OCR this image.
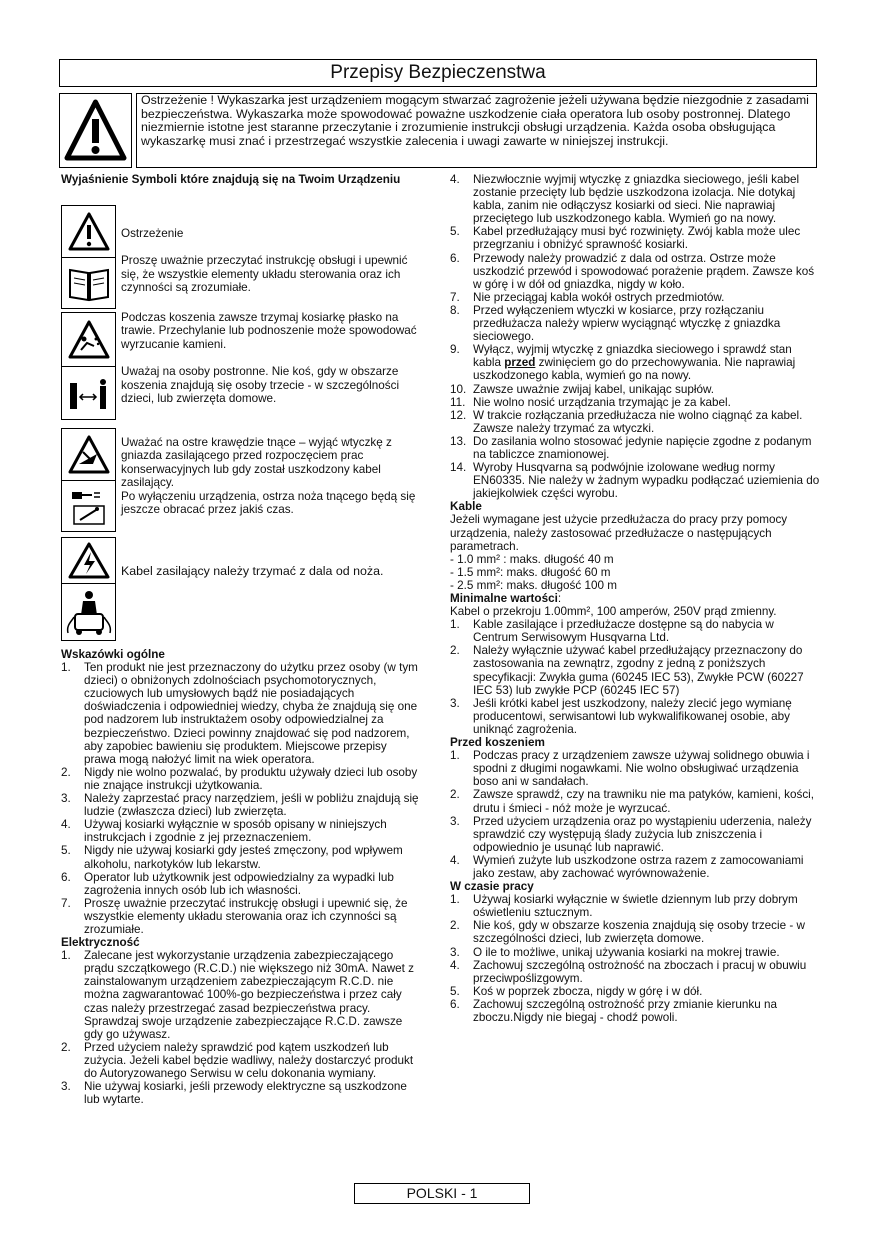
Przepisy Bezpieczenstwa
Ostrzeżenie ! Wykaszarka jest urządzeniem mogącym stwarzać zagrożenie jeżeli używana będzie niezgodnie z zasadami bezpieczeństwa. Wykaszarka może spowodować poważne uszkodzenie ciała operatora lub osoby postronnej. Dlatego niezmiernie istotne jest staranne przeczytanie i zrozumienie instrukcji obsługi urządzenia. Każda osoba obsługująca wykaszarkę musi znać i przestrzegać wszystkie zalecenia i uwagi zawarte w niniejszej instrukcji.
Wyjaśnienie Symboli które znajdują się na Twoim Urządzeniu

Ostrzeżenie

Proszę uważnie przeczytać instrukcję obsługi i upewnić się, że wszystkie elementy układu sterowania oraz ich czynności są zrozumiałe.

Podczas koszenia zawsze trzymaj kosiarkę płasko na trawie. Przechylanie lub podnoszenie może spowodować wyrzucanie kamieni.

Uważaj na osoby postronne. Nie koś, gdy w obszarze koszenia znajdują się osoby trzecie - w szczególności dzieci, lub zwierzęta domowe.

Uważać na ostre krawędzie tnące – wyjąć wtyczkę z gniazda zasilającego przed rozpoczęciem prac konserwacyjnych lub gdy został uszkodzony kabel zasilający.

Po wyłączeniu urządzenia, ostrza noża tnącego będą się jeszcze obracać przez jakiś czas.

Kabel zasilający należy trzymać z dala od noża.

Wskazówki ogólne
1. Ten produkt nie jest przeznaczony do użytku przez osoby (w tym dzieci) o obniżonych zdolnościach psychomotorycznych, czuciowych lub umysłowych bądź nie posiadających doświadczenia i odpowiedniej wiedzy, chyba że znajdują się one pod nadzorem lub instruktażem osoby odpowiedzialnej za bezpieczeństwo. Dzieci powinny znajdować się pod nadzorem, aby zapobiec bawieniu się produktem. Miejscowe przepisy prawa mogą nałożyć limit na wiek operatora.
2. Nigdy nie wolno pozwalać, by produktu używały dzieci lub osoby nie znające instrukcji użytkowania.
3. Należy zaprzestać pracy narzędziem, jeśli w pobliżu znajdują się ludzie (zwłaszcza dzieci) lub zwierzęta.
4. Używaj kosiarki wyłącznie w sposób opisany w niniejszych instrukcjach i zgodnie z jej przeznaczeniem.
5. Nigdy nie używaj kosiarki gdy jesteś zmęczony, pod wpływem alkoholu, narkotyków lub lekarstw.
6. Operator lub użytkownik jest odpowiedzialny za wypadki lub zagrożenia innych osób lub ich własności.
7. Proszę uważnie przeczytać instrukcję obsługi i upewnić się, że wszystkie elementy układu sterowania oraz ich czynności są zrozumiałe.
Elektryczność
1. Zalecane jest wykorzystanie urządzenia zabezpieczającego prądu szczątkowego (R.C.D.) nie większego niż 30mA. Nawet z zainstalowanym urządzeniem zabezpieczającym R.C.D. nie można zagwarantować 100%-go bezpieczeństwa i przez cały czas należy przestrzegać zasad bezpieczeństwa pracy. Sprawdzaj swoje urządzenie zabezpieczające R.C.D. zawsze gdy go używasz.
2. Przed użyciem należy sprawdzić pod kątem uszkodzeń lub zużycia. Jeżeli kabel będzie wadliwy, należy dostarczyć produkt do Autoryzowanego Serwisu w celu dokonania wymiany.
3. Nie używaj kosiarki, jeśli przewody elektryczne są uszkodzone lub wytarte.
4. Niezwłocznie wyjmij wtyczkę z gniazdka sieciowego, jeśli kabel zostanie przecięty lub będzie uszkodzona izolacja. Nie dotykaj kabla, zanim nie odłączysz kosiarki od sieci. Nie naprawiaj przeciętego lub uszkodzonego kabla. Wymień go na nowy.
5. Kabel przedłużający musi być rozwinięty. Zwój kabla może ulec przegrzaniu i obniżyć sprawność kosiarki.
6. Przewody należy prowadzić z dala od ostrza. Ostrze może uszkodzić przewód i spowodować porażenie prądem. Zawsze koś w górę i w dół od gniazdka, nigdy w koło.
7. Nie przeciągaj kabla wokół ostrych przedmiotów.
8. Przed wyłączeniem wtyczki w kosiarce, przy rozłączaniu przedłużacza należy wpierw wyciągnąć wtyczkę z gniazdka sieciowego.
9. Wyłącz, wyjmij wtyczkę z gniazdka sieciowego i sprawdź stan kabla przed zwinięciem go do przechowywania. Nie naprawiaj uszkodzonego kabla, wymień go na nowy.
10. Zawsze uważnie zwijaj kabel, unikając supłów.
11. Nie wolno nosić urządzania trzymając je za kabel.
12. W trakcie rozłączania przedłużacza nie wolno ciągnąć za kabel. Zawsze należy trzymać za wtyczki.
13. Do zasilania wolno stosować jedynie napięcie zgodne z podanym na tabliczce znamionowej.
14. Wyroby Husqvarna są podwójnie izolowane według normy EN60335. Nie należy w żadnym wypadku podłączać uziemienia do jakiejkolwiek części wyrobu.
Kable

Jeżeli wymagane jest użycie przedłużacza do pracy przy pomocy urządzenia, należy zastosować przedłużacze o następujących parametrach.

- 1.0 mm² : maks. długość 40 m

- 1.5 mm²: maks. długość 60 m

- 2.5 mm²: maks. długość 100 m

Minimalne wartości:

Kabel o przekroju 1.00mm², 100 amperów, 250V prąd zmienny.

1. Kable zasilające i przedłużacze dostępne są do nabycia w Centrum Serwisowym Husqvarna Ltd.
2. Należy wyłącznie używać kabel przedłużający przeznaczony do zastosowania na zewnątrz, zgodny z jedną z poniższych specyfikacji: Zwykła guma (60245 IEC 53), Zwykłe PCW (60227 IEC 53) lub zwykłe PCP (60245 IEC 57)
3. Jeśli krótki kabel jest uszkodzony, należy zlecić jego wymianę producentowi, serwisantowi lub wykwalifikowanej osobie, aby uniknąć zagrożenia.
Przed koszeniem
1. Podczas pracy z urządzeniem zawsze używaj solidnego obuwia i spodni z długimi nogawkami. Nie wolno obsługiwać urządzenia boso ani w sandałach.
2. Zawsze sprawdź, czy na trawniku nie ma patyków, kamieni, kości, drutu i śmieci - nóż może je wyrzucać.
3. Przed użyciem urządzenia oraz po wystąpieniu uderzenia, należy sprawdzić czy występują ślady zużycia lub zniszczenia i odpowiednio je usunąć lub naprawić.
4. Wymień zużyte lub uszkodzone ostrza razem z zamocowaniami jako zestaw, aby zachować wyrównoważenie.
W czasie pracy
1. Używaj kosiarki wyłącznie w świetle dziennym lub przy dobrym oświetleniu sztucznym.
2. Nie koś, gdy w obszarze koszenia znajdują się osoby trzecie - w szczególności dzieci, lub zwierzęta domowe.
3. O ile to możliwe, unikaj używania kosiarki na mokrej trawie.
4. Zachowuj szczególną ostrożność na zboczach i pracuj w obuwiu przeciwpoślizgowym.
5. Koś w poprzek zbocza, nigdy w górę i w dół.
6. Zachowuj szczególną ostrożność przy zmianie kierunku na zboczu.Nigdy nie biegaj - chodź powoli.
POLSKI - 1
